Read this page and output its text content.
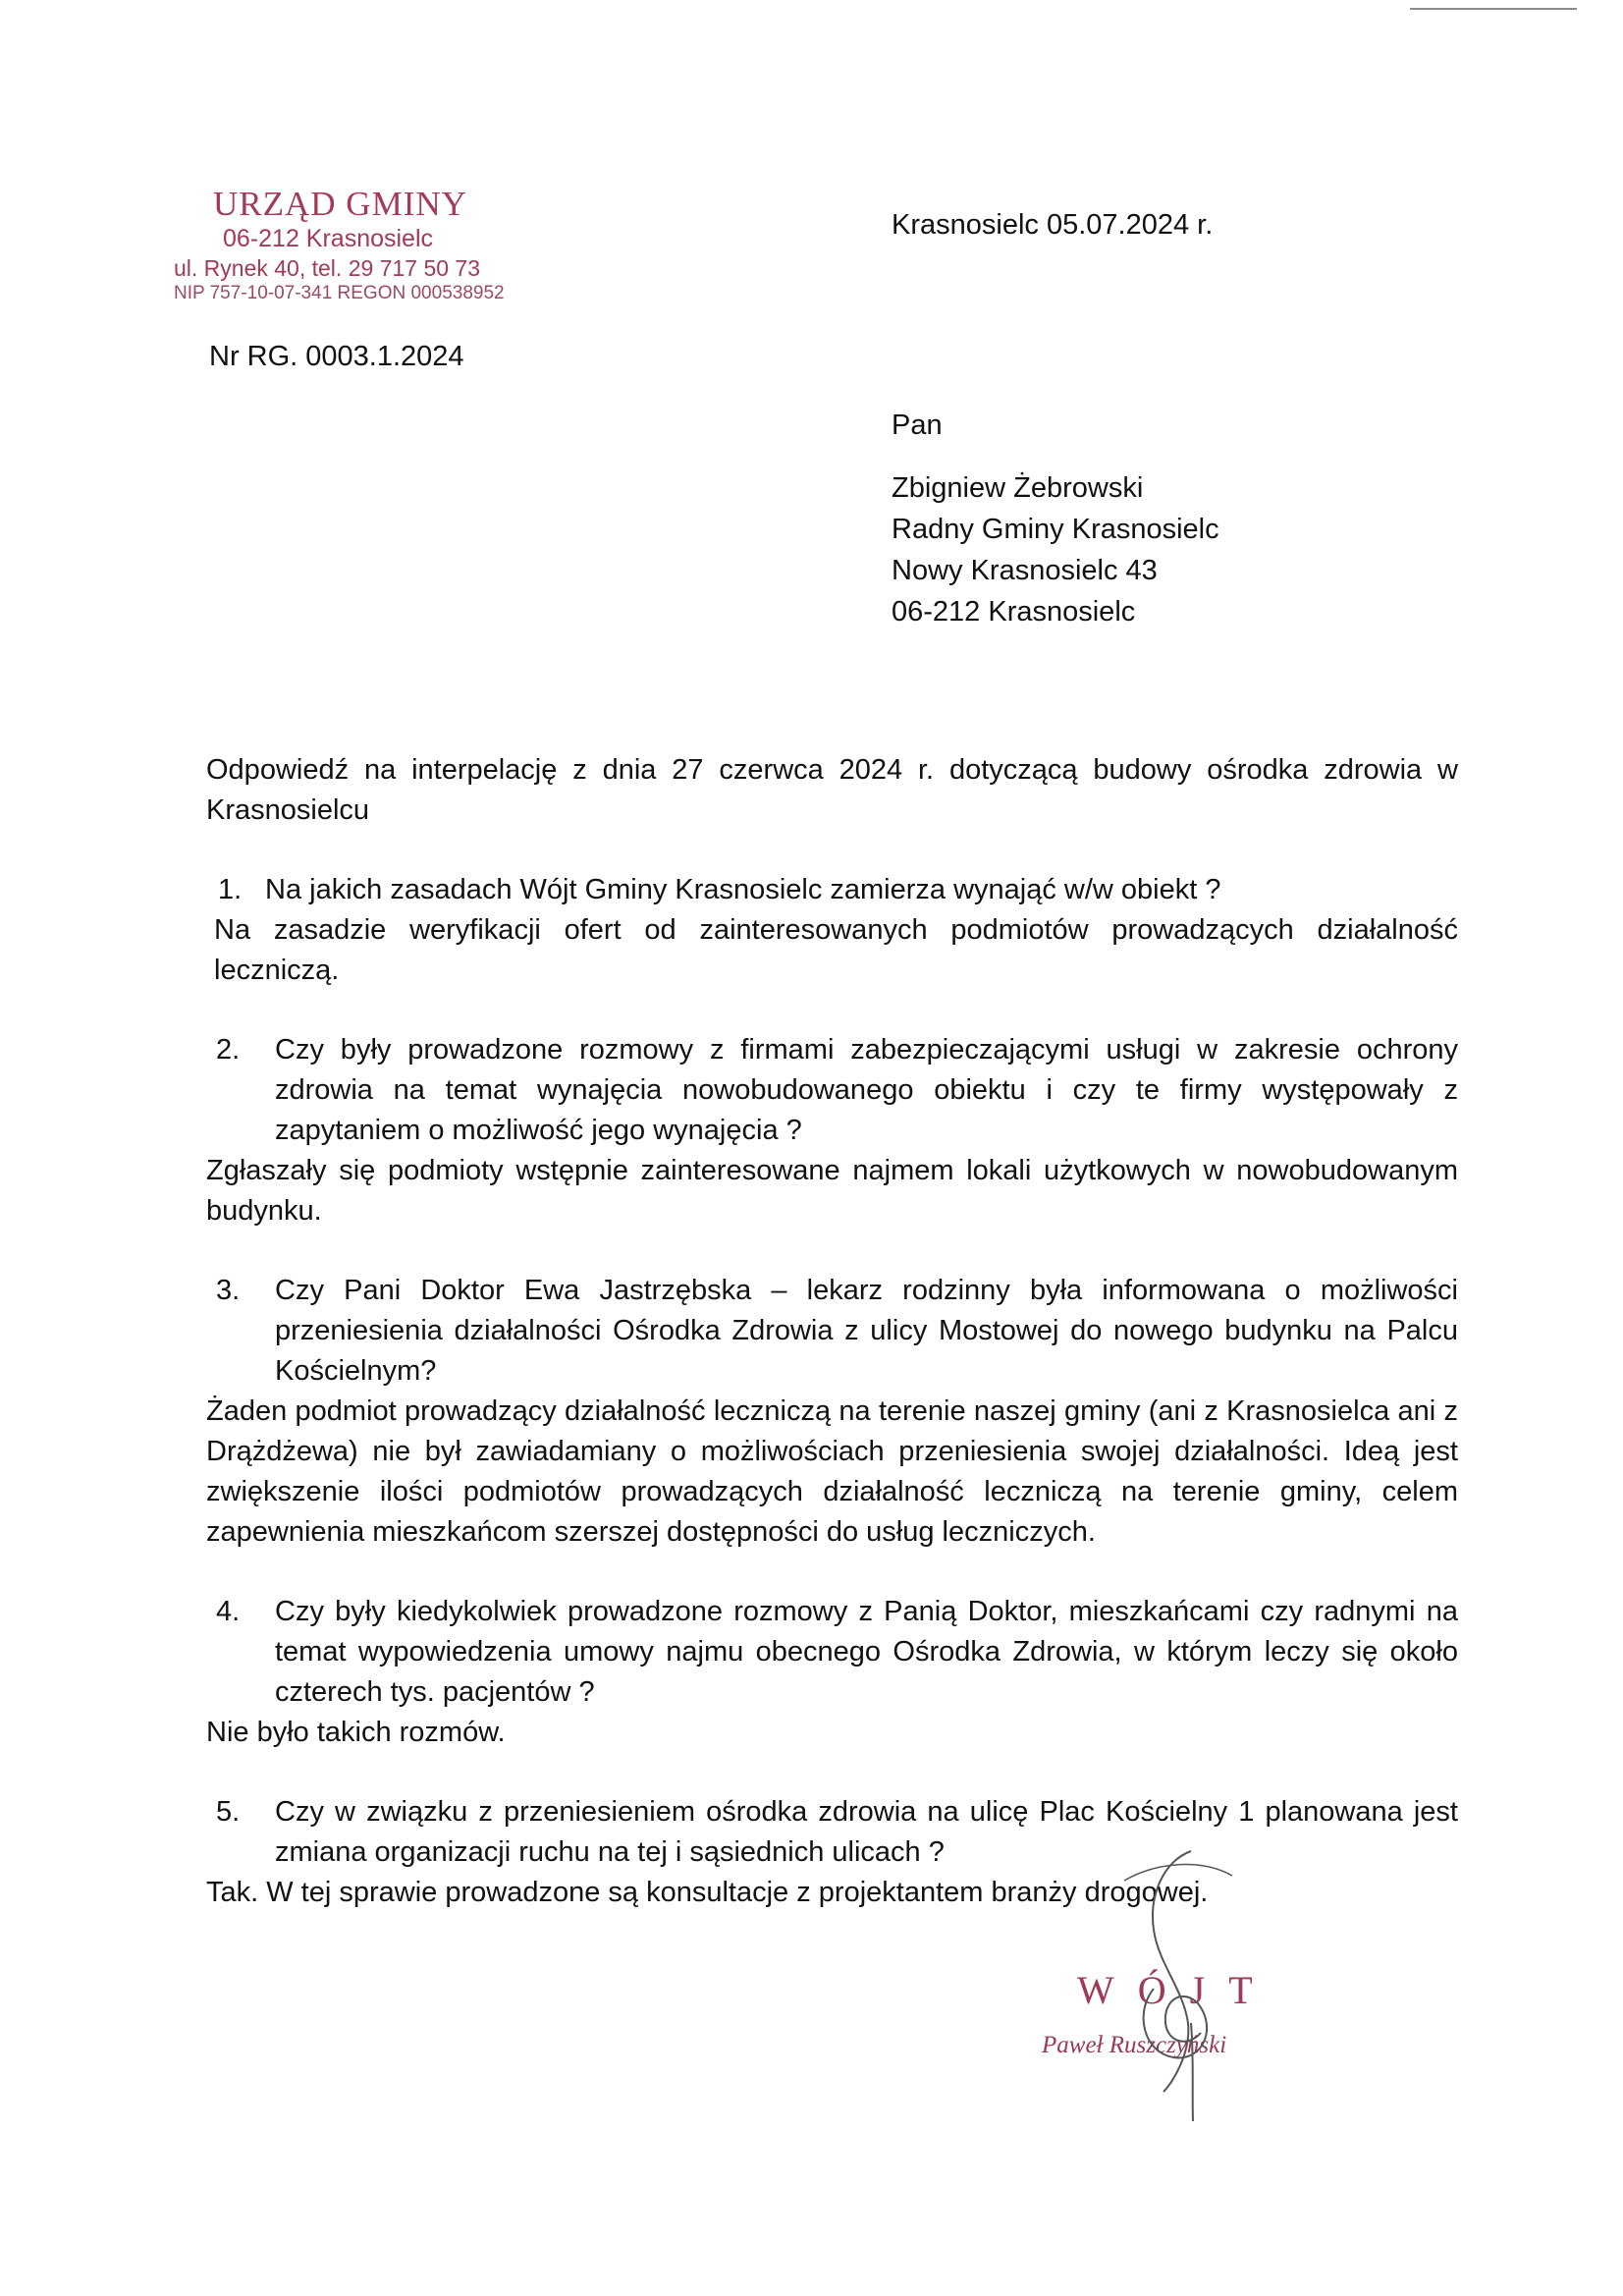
URZĄD GMINY
06-212 Krasnosielc
ul. Rynek 40, tel. 29 717 50 73
NIP 757-10-07-341 REGON 000538952
Krasnosielc 05.07.2024 r.
Nr RG. 0003.1.2024
Pan
Zbigniew Żebrowski
Radny Gminy Krasnosielc
Nowy Krasnosielc 43
06-212 Krasnosielc

Odpowiedź na interpelację z dnia 27 czerwca 2024 r. dotyczącą budowy ośrodka zdrowia w Krasnosielcu

1. Na jakich zasadach Wójt Gminy Krasnosielc zamierza wynająć w/w obiekt ?

Na zasadzie weryfikacji ofert od zainteresowanych podmiotów prowadzących działalność leczniczą.

2.	Czy były prowadzone rozmowy z firmami zabezpieczającymi usługi w zakresie ochrony zdrowia na temat wynajęcia nowobudowanego obiektu i czy te firmy występowały z zapytaniem o możliwość jego wynajęcia ?

Zgłaszały się podmioty wstępnie zainteresowane najmem lokali użytkowych w nowobudowanym budynku.

3.	Czy Pani Doktor Ewa Jastrzębska – lekarz rodzinny była informowana o możliwości przeniesienia działalności Ośrodka Zdrowia z ulicy Mostowej do nowego budynku na Palcu Kościelnym?

Żaden podmiot prowadzący działalność leczniczą na terenie naszej gminy (ani z Krasnosielca ani z Drążdżewa) nie był zawiadamiany o możliwościach przeniesienia swojej działalności. Ideą jest zwiększenie ilości podmiotów prowadzących działalność leczniczą na terenie gminy, celem zapewnienia mieszkańcom szerszej dostępności do usług leczniczych.

4.	Czy były kiedykolwiek prowadzone rozmowy z Panią Doktor, mieszkańcami czy radnymi na temat wypowiedzenia umowy najmu obecnego Ośrodka Zdrowia, w którym leczy się około czterech tys. pacjentów ?

Nie było takich rozmów.

5.	Czy w związku z przeniesieniem ośrodka zdrowia na ulicę Plac Kościelny 1 planowana jest zmiana organizacji ruchu na tej i sąsiednich ulicach ?

Tak. W tej sprawie prowadzone są konsultacje z projektantem branży drogowej.

WÓJT
Paweł Ruszczyński
